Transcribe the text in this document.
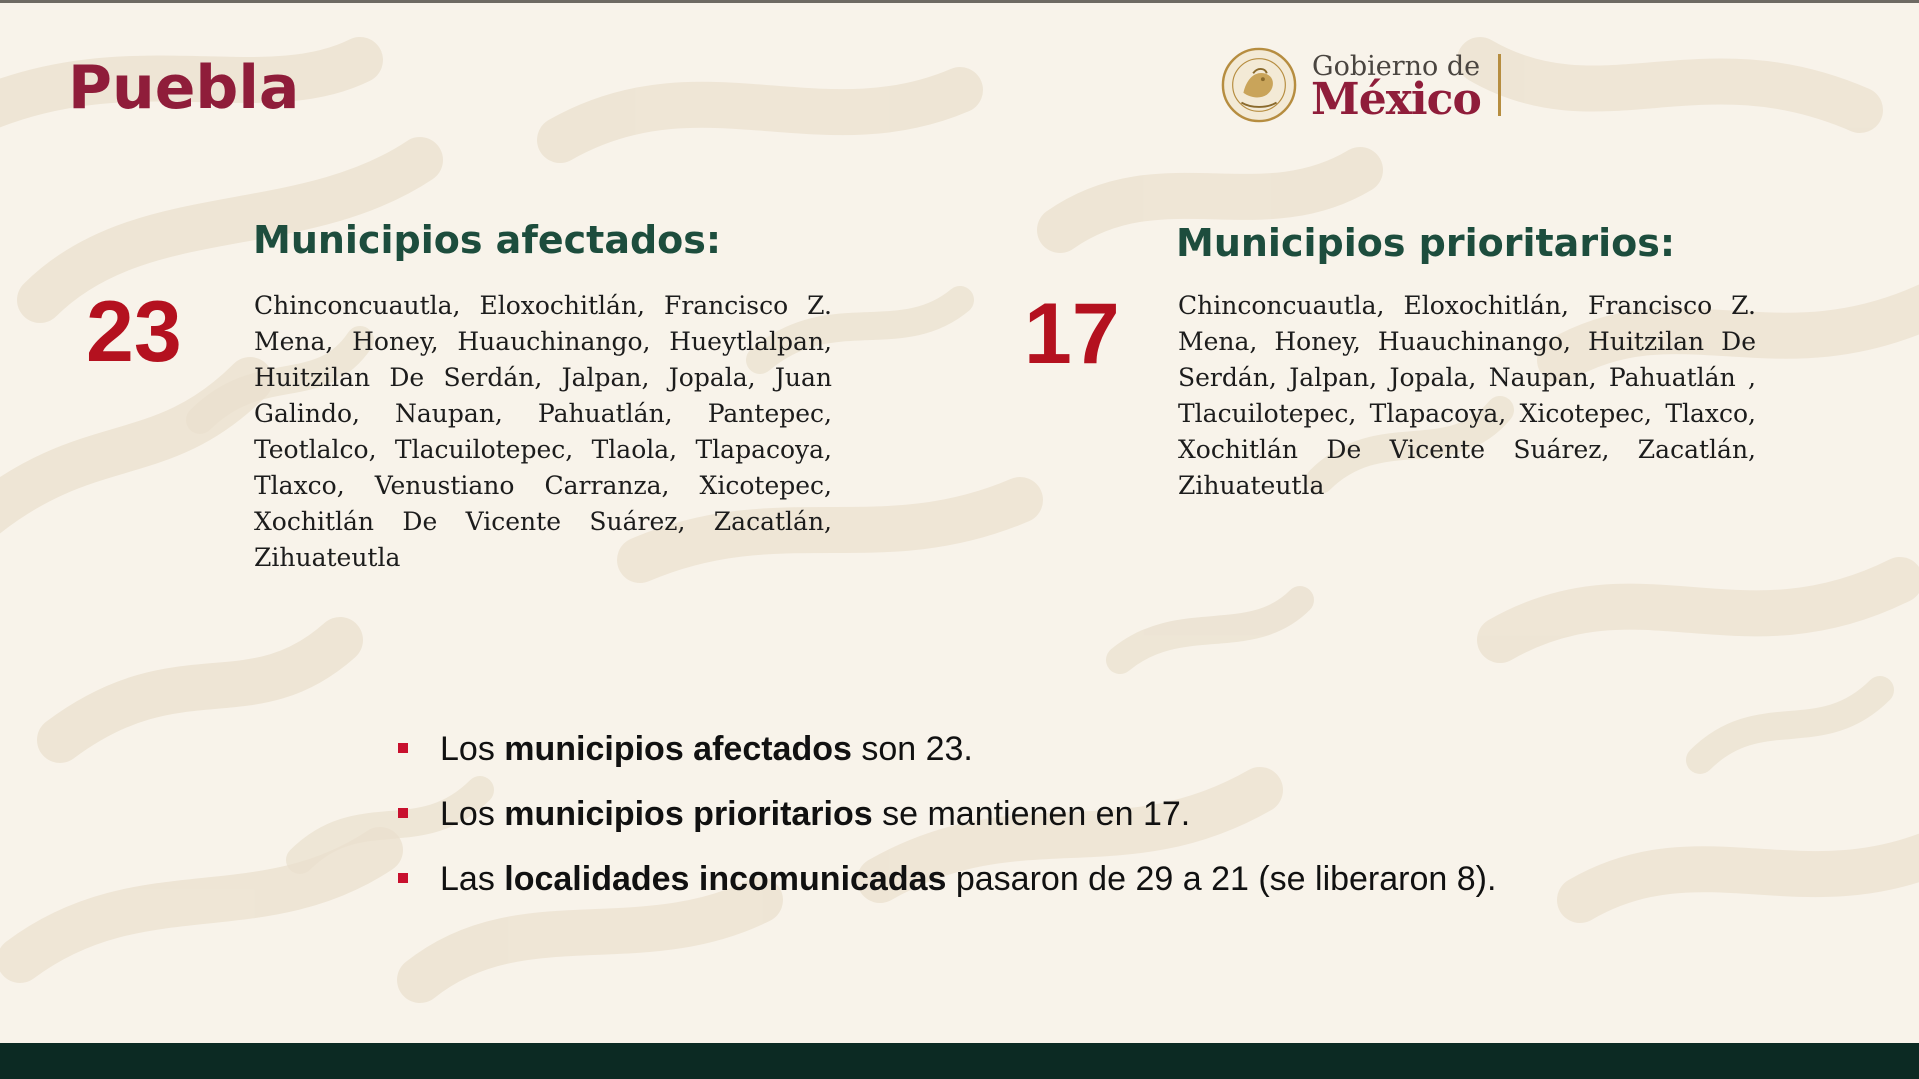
Puebla	Gobierno de
México
23
Municipios afectados:

Chinconcuautla, Eloxochitlán, Francisco Z. Mena, Honey, Huauchinango, Hueytlalpan, Huitzilan De Serdán, Jalpan, Jopala, Juan Galindo, Naupan, Pahuatlán, Pantepec, Teotlalco, Tlacuilotepec, Tlaola, Tlapacoya, Tlaxco, Venustiano Carranza, Xicotepec, Xochitlán De Vicente Suárez, Zacatlán, Zihuateutla

17
Municipios prioritarios:

Chinconcuautla, Eloxochitlán, Francisco Z. Mena, Honey, Huauchinango, Huitzilan De Serdán, Jalpan, Jopala, Naupan, Pahuatlán , Tlacuilotepec, Tlapacoya, Xicotepec, Tlaxco, Xochitlán De Vicente Suárez, Zacatlán, Zihuateutla

Los municipios afectados son 23.
Los municipios prioritarios se mantienen en 17.
Las localidades incomunicadas pasaron de 29 a 21 (se liberaron 8).
